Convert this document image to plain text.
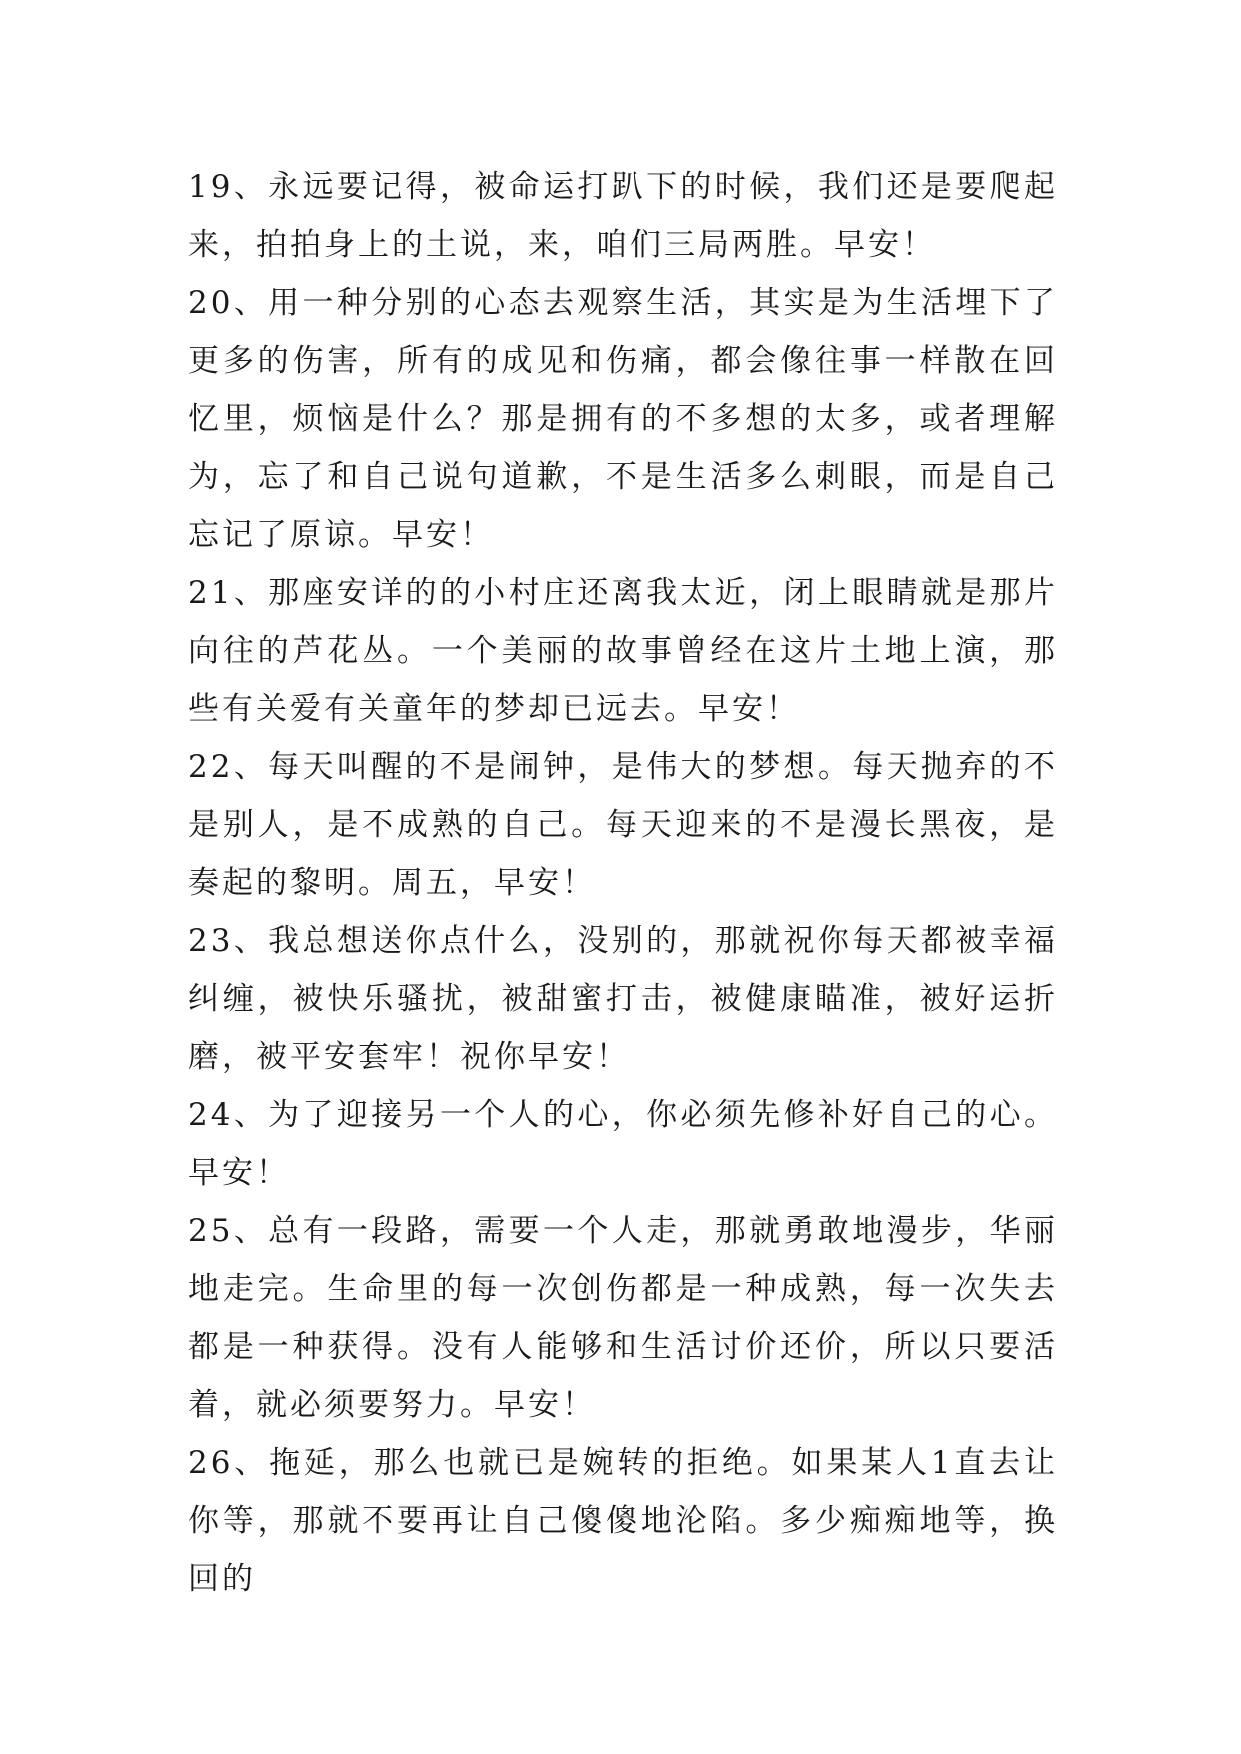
19、永远要记得，被命运打趴下的时候，我们还是要爬起来，拍拍身上的土说，来，咱们三局两胜。早安！

20、用一种分别的心态去观察生活，其实是为生活埋下了更多的伤害，所有的成见和伤痛，都会像往事一样散在回忆里，烦恼是什么？那是拥有的不多想的太多，或者理解为，忘了和自己说句道歉，不是生活多么刺眼，而是自己忘记了原谅。早安！

21、那座安详的的小村庄还离我太近，闭上眼睛就是那片向往的芦花丛。一个美丽的故事曾经在这片土地上演，那些有关爱有关童年的梦却已远去。早安！

22、每天叫醒的不是闹钟，是伟大的梦想。每天抛弃的不是别人，是不成熟的自己。每天迎来的不是漫长黑夜，是奏起的黎明。周五，早安！

23、我总想送你点什么，没别的，那就祝你每天都被幸福纠缠，被快乐骚扰，被甜蜜打击，被健康瞄准，被好运折磨，被平安套牢！祝你早安！

24、为了迎接另一个人的心，你必须先修补好自己的心。早安！

25、总有一段路，需要一个人走，那就勇敢地漫步，华丽地走完。生命里的每一次创伤都是一种成熟，每一次失去都是一种获得。没有人能够和生活讨价还价，所以只要活着，就必须要努力。早安！

26、拖延，那么也就已是婉转的拒绝。如果某人1直去让你等，那就不要再让自己傻傻地沦陷。多少痴痴地等，换回的
